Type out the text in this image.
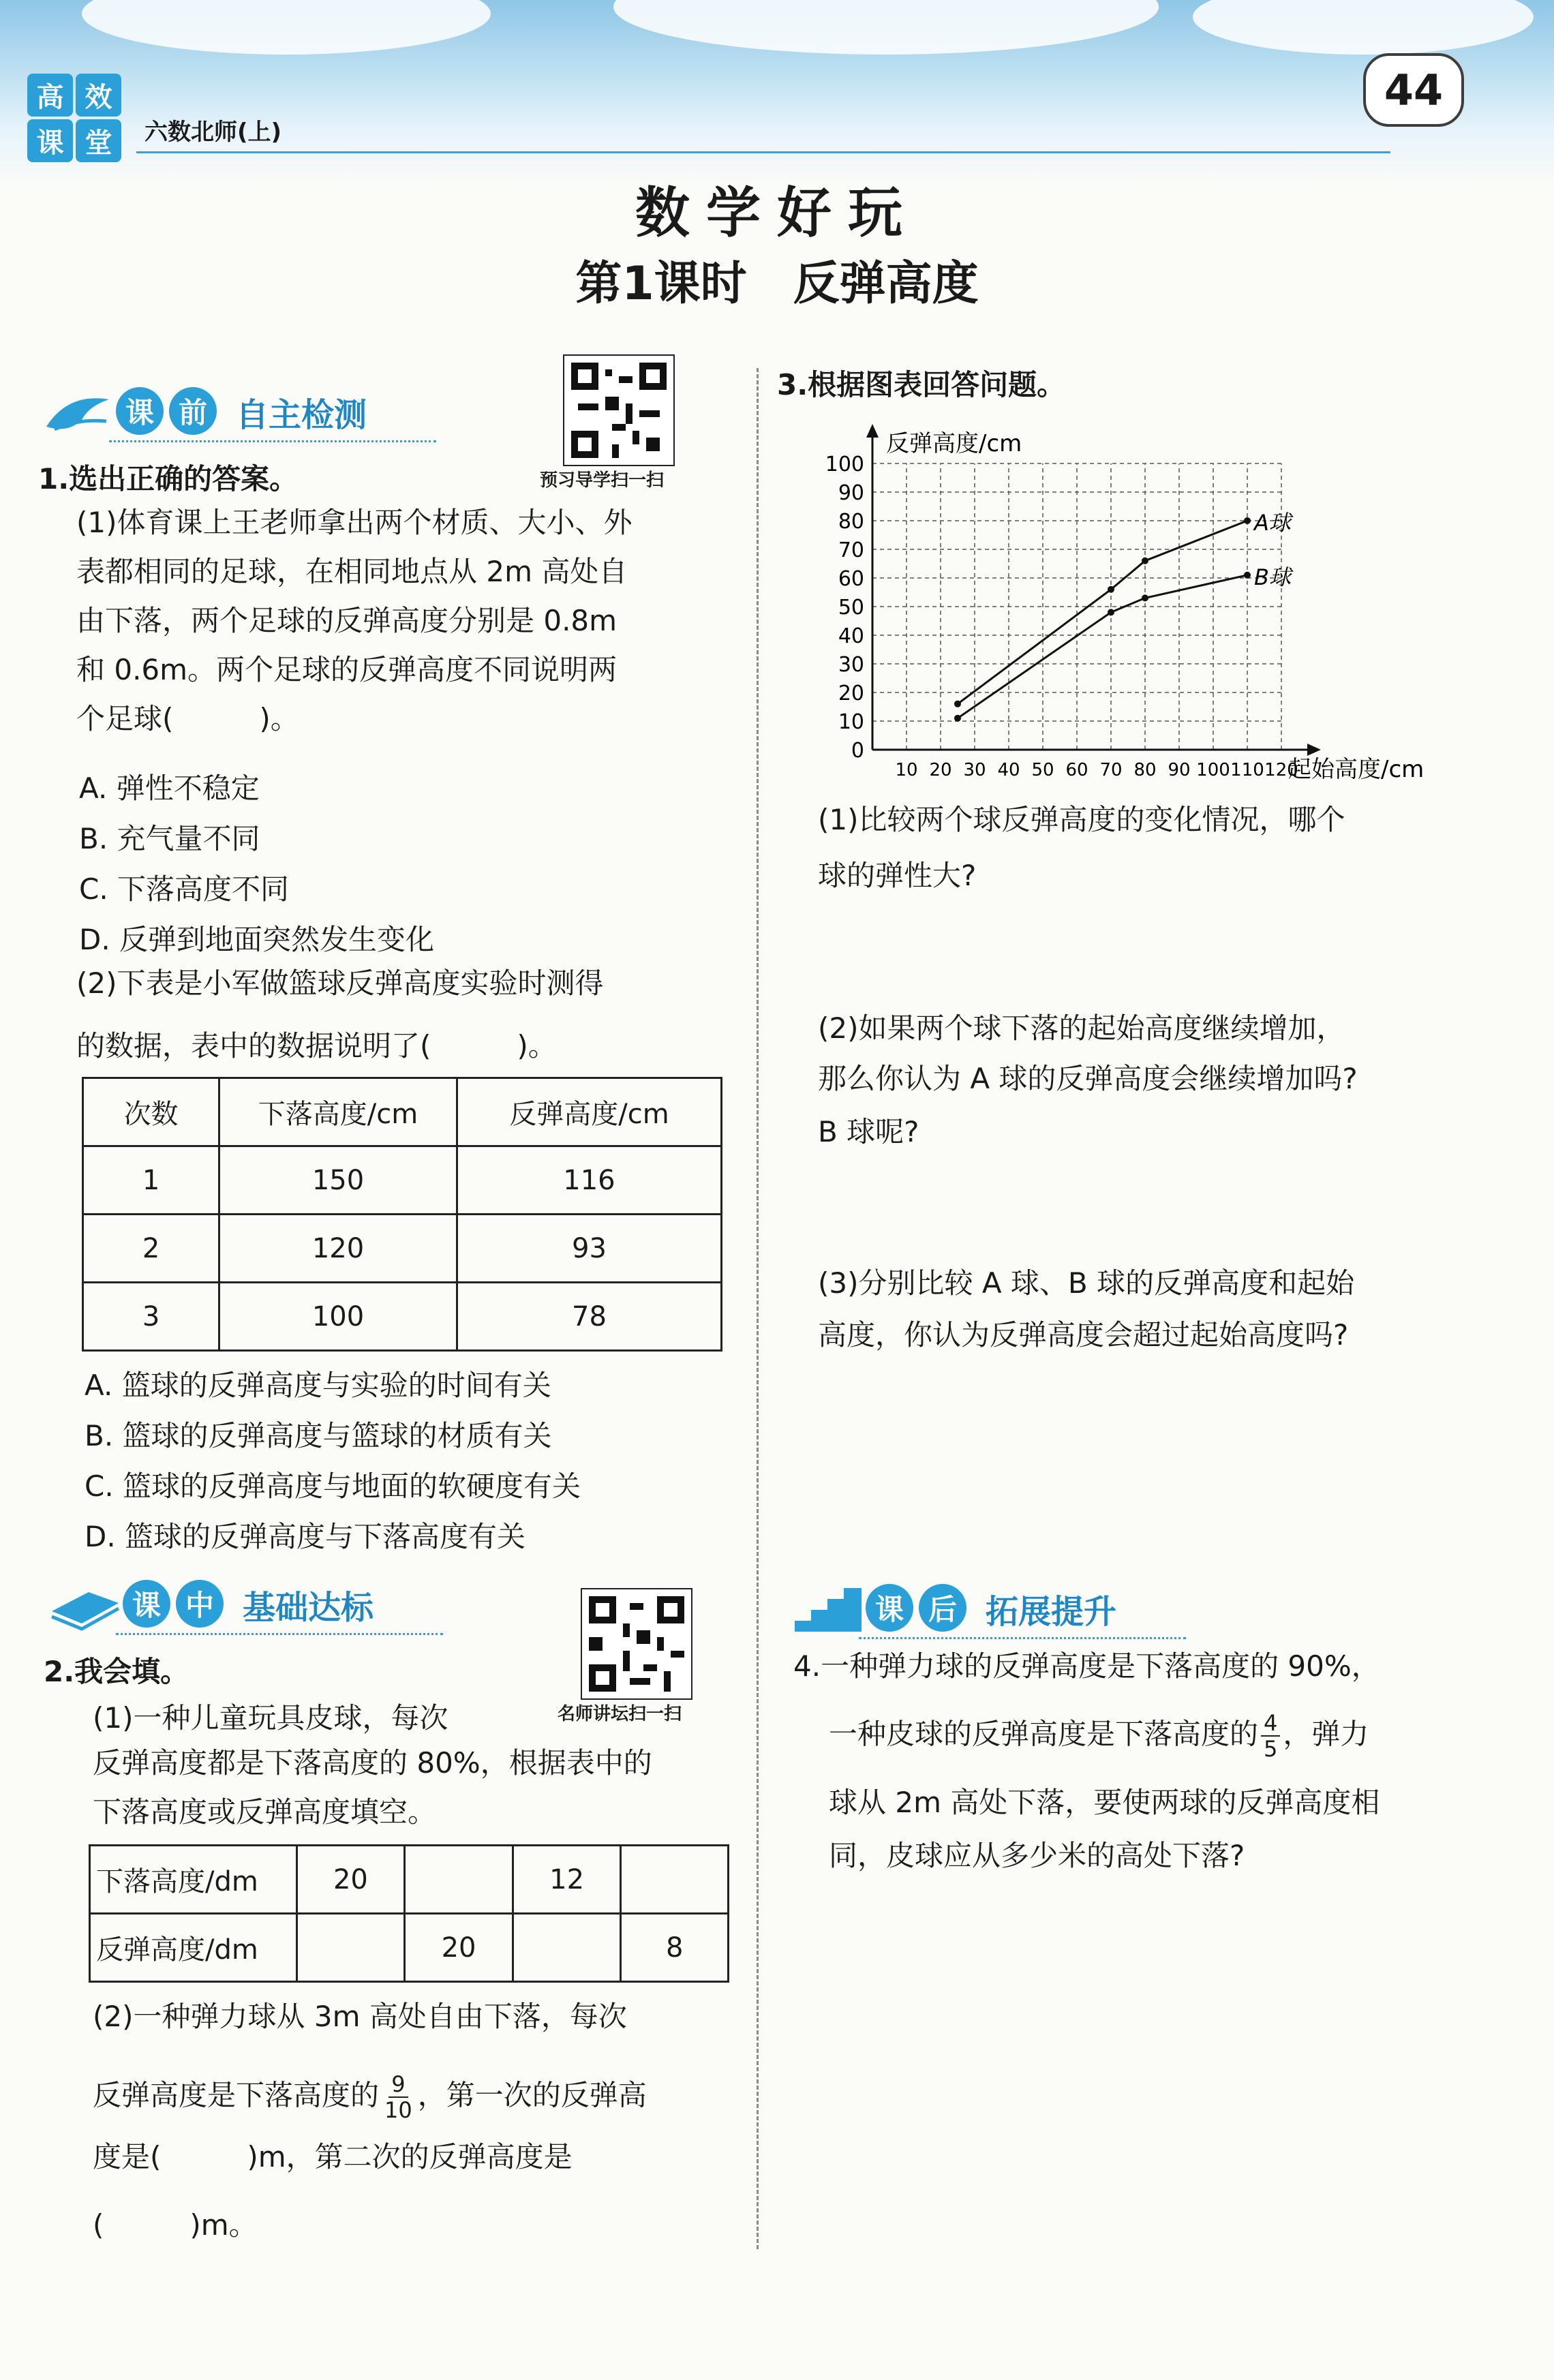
高 效
课 堂	六数北师(上)
44
数学好玩
第1课时　反弹高度
课 前 自主检测
预习导学扫一扫
1.选出正确的答案。
(1)体育课上王老师拿出两个材质、大小、外
表都相同的足球，在相同地点从 2m 高处自
由下落，两个足球的反弹高度分别是 0.8m
和 0.6m。两个足球的反弹高度不同说明两
个足球(　　　)。
A. 弹性不稳定
B. 充气量不同
C. 下落高度不同
D. 反弹到地面突然发生变化
(2)下表是小军做篮球反弹高度实验时测得
的数据，表中的数据说明了(　　　)。
次数	下落高度/cm	反弹高度/cm
1	150	116
2	120	93
3	100	78
A. 篮球的反弹高度与实验的时间有关
B. 篮球的反弹高度与篮球的材质有关
C. 篮球的反弹高度与地面的软硬度有关
D. 篮球的反弹高度与下落高度有关
课 中 基础达标
名师讲坛扫一扫
2.我会填。
(1)一种儿童玩具皮球，每次
反弹高度都是下落高度的 80%，根据表中的
下落高度或反弹高度填空。
下落高度/dm	20		12	
反弹高度/dm		20		8
(2)一种弹力球从 3m 高处自由下落，每次
反弹高度是下落高度的 $\frac{9}{10}$ ，第一次的反弹高
度是(　　　)m，第二次的反弹高度是
(　　　)m。
3.根据图表回答问题。
0
10
20
30
40
50
60
70
80
90
100
10 20 30 40 50 60 70 80 90 100 110 120
A球
B球
反弹高度/cm
起始高度/cm
(1)比较两个球反弹高度的变化情况，哪个
球的弹性大?
(2)如果两个球下落的起始高度继续增加，
那么你认为 A 球的反弹高度会继续增加吗?
B 球呢?
(3)分别比较 A 球、B 球的反弹高度和起始
高度，你认为反弹高度会超过起始高度吗?
课 后 拓展提升
4.一种弹力球的反弹高度是下落高度的 90%，
一种皮球的反弹高度是下落高度的 $\frac{4}{5}$ ，弹力
球从 2m 高处下落，要使两球的反弹高度相
同，皮球应从多少米的高处下落?
